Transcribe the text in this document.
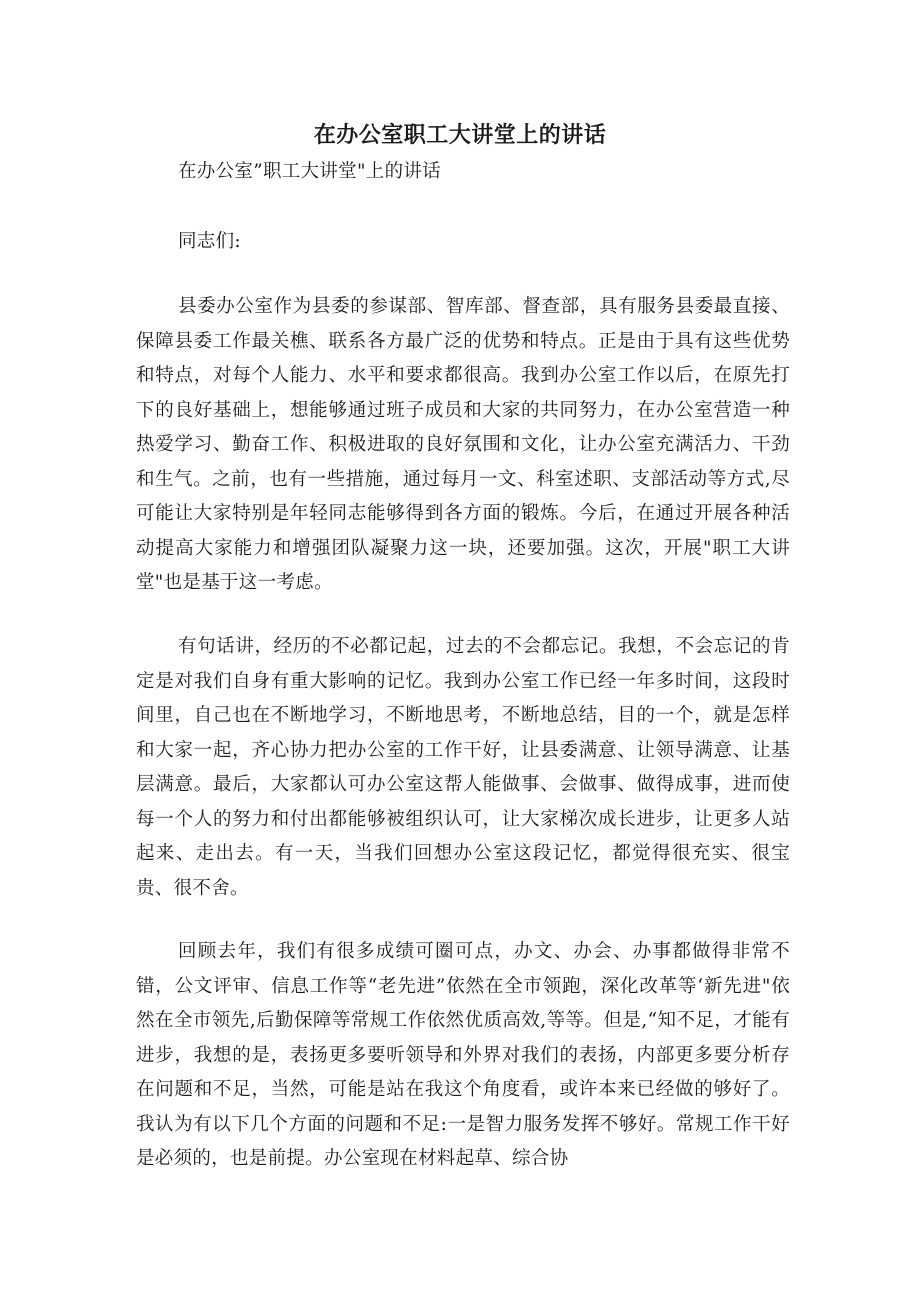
在办公室职工大讲堂上的讲话
在办公室”职工大讲堂"上的讲话
同志们:

县委办公室作为县委的参谋部、智库部、督查部，具有服务县委最直接、保障县委工作最关樵、联系各方最广泛的优势和特点。正是由于具有这些优势和特点，对每个人能力、水平和要求都很高。我到办公室工作以后，在原先打下的良好基础上，想能够通过班子成员和大家的共同努力，在办公室营造一种热爱学习、勤奋工作、积极进取的良好氛围和文化，让办公室充满活力、干劲和生气。之前，也有一些措施，通过每月一文、科室述职、支部活动等方式,尽可能让大家特别是年轻同志能够得到各方面的锻炼。今后，在通过开展各种活动提高大家能力和增强团队凝聚力这一块，还要加强。这次，开展"职工大讲堂"也是基于这一考虑。

有句话讲，经历的不必都记起，过去的不会都忘记。我想，不会忘记的肯定是对我们自身有重大影响的记忆。我到办公室工作已经一年多时间，这段时间里，自己也在不断地学习，不断地思考，不断地总结，目的一个，就是怎样和大家一起，齐心协力把办公室的工作干好，让县委满意、让领导满意、让基层满意。最后，大家都认可办公室这帮人能做事、会做事、做得成事，进而使每一个人的努力和付出都能够被组织认可，让大家梯次成长进步，让更多人站起来、走出去。有一天，当我们回想办公室这段记忆，都觉得很充实、很宝贵、很不舍。

回顾去年，我们有很多成绩可圈可点，办文、办会、办事都做得非常不错，公文评审、信息工作等“老先进”依然在全市领跑，深化改革等‘新先进"依然在全市领先,后勤保障等常规工作依然优质高效,等等。但是,“知不足，才能有进步，我想的是，表扬更多要听领导和外界对我们的表扬，内部更多要分析存在问题和不足，当然，可能是站在我这个角度看，或许本来已经做的够好了。我认为有以下几个方面的问题和不足:一是智力服务发挥不够好。常规工作干好是必须的，也是前提。办公室现在材料起草、综合协
